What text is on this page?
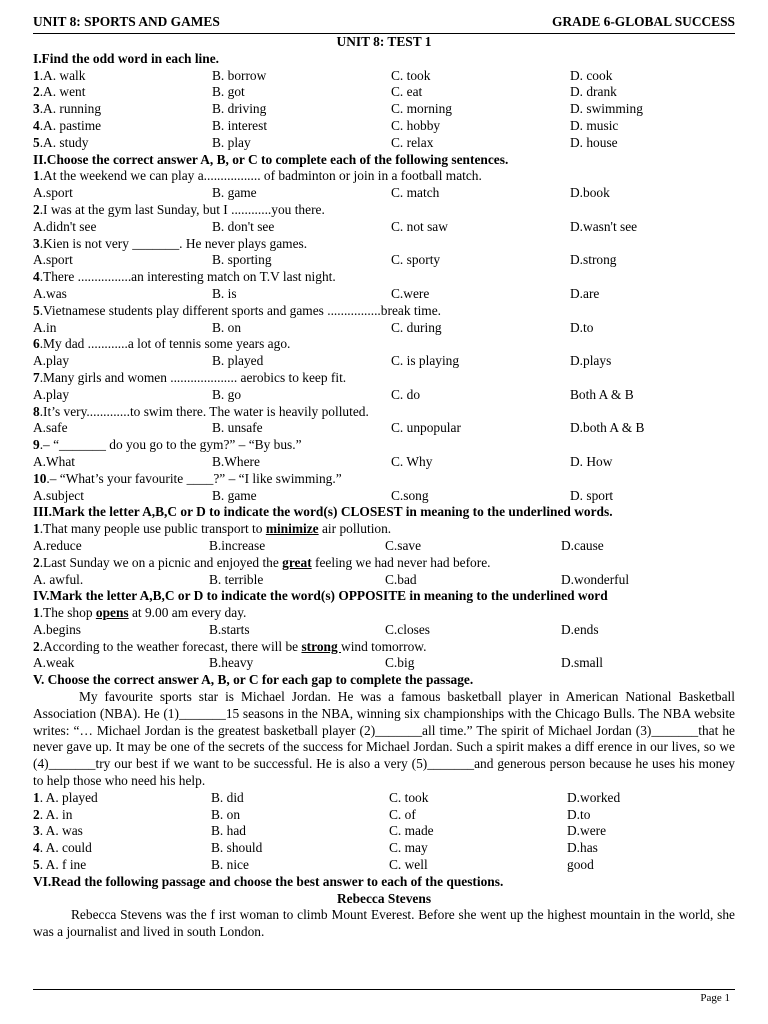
UNIT 8: SPORTS AND GAMES	GRADE 6-GLOBAL SUCCESS
UNIT 8: TEST 1
I.Find the odd word in each line.
1.A. walk	B. borrow	C. took	D. cook
2.A. went	B. got	C. eat	D. drank
3.A. running	B. driving	C. morning	D. swimming
4.A. pastime	B. interest	C. hobby	D. music
5.A. study	B. play	C. relax	D. house
II.Choose the correct answer A, B, or C to complete each of the following sentences.
1.At the weekend we can play a................. of badminton or join in a football match.
A.sport	B. game	C. match	D.book
2.I was at the gym last Sunday, but I ............you there.
A.didn't see	B. don't see	C. not saw	D.wasn't see
3.Kien is not very _______. He never plays games.
A.sport	B. sporting	C. sporty	D.strong
4.There ................an interesting match on T.V last night.
A.was	B. is	C.were	D.are
5.Vietnamese students play different sports and games ................break time.
A.in	B. on	C. during	D.to
6.My dad ............a lot of tennis some years ago.
A.play	B. played	C. is playing	D.plays
7.Many girls and women .................... aerobics to keep fit.
A.play	B. go	C. do	Both A & B
8.It’s very.............to swim there. The water is heavily polluted.
A.safe	B. unsafe	C. unpopular	D.both A & B
9.– “_______ do you go to the gym?” – “By bus.”
A.What	B.Where	C. Why	D. How
10.– “What’s your favourite ____?” – “I like swimming.”
A.subject	B. game	C.song	D. sport
III.Mark the letter A,B,C or D to indicate the word(s) CLOSEST in meaning to the underlined words.
1.That many people use public transport to minimize air pollution.
A.reduce	B.increase	C.save	D.cause
2.Last Sunday we on a picnic and enjoyed the great feeling we had never had before.
A. awful.	B. terrible	C.bad	D.wonderful
IV.Mark the letter A,B,C or D to indicate the word(s) OPPOSITE in meaning to the underlined word
1.The shop opens at 9.00 am every day.
A.begins	B.starts	C.closes	D.ends
2.According to the weather forecast, there will be strong wind tomorrow.
A.weak	B.heavy	C.big	D.small
V. Choose the correct answer A, B, or C for each gap to complete the passage.
My favourite sports star is Michael Jordan. He was a famous basketball player in American National Basketball Association (NBA). He (1)_______15 seasons in the NBA, winning six championships with the Chicago Bulls. The NBA website writes: “… Michael Jordan is the greatest basketball player (2)_______all time.” The spirit of Michael Jordan (3)_______that he never gave up. It may be one of the secrets of the success for Michael Jordan. Such a spirit makes a diff erence in our lives, so we (4)_______try our best if we want to be successful. He is also a very (5)_______and generous person because he uses his money to help those who need his help.
1. A. played	B. did	C. took	D.worked
2. A. in	B. on	C. of	D.to
3. A. was	B. had	C. made	D.were
4. A. could	B. should	C. may	D.has
5. A. f ine	B. nice	C. well	good
VI.Read the following passage and choose the best answer to each of the questions.
Rebecca Stevens
Rebecca Stevens was the f irst woman to climb Mount Everest. Before she went up the highest mountain in the world, she was a journalist and lived in south London.
Page 1
